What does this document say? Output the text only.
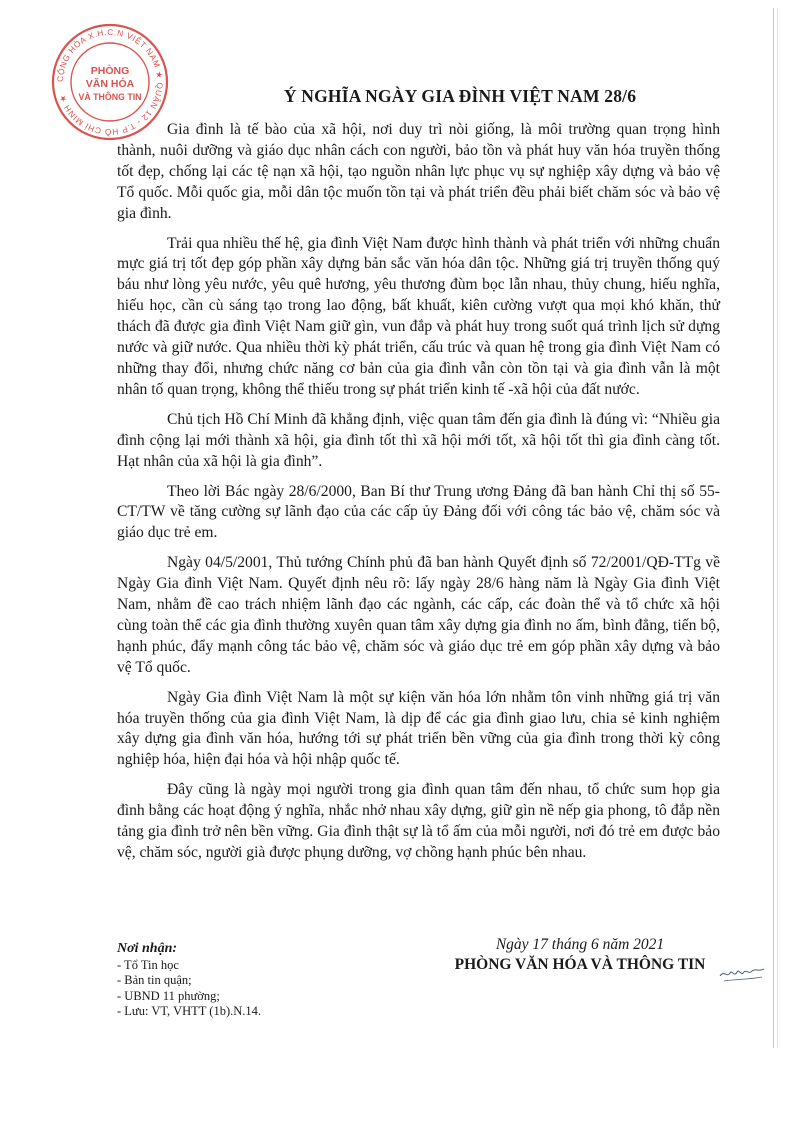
CỘNG HÒA X.H.C.N VIỆT NAM ★ QUẬN 12 - T.P HỒ CHÍ MINH ★
PHÒNG
VĂN HÓA
VÀ THÔNG TIN	Ý NGHĨA NGÀY GIA ĐÌNH VIỆT NAM 28/6

Gia đình là tế bào của xã hội, nơi duy trì nòi giống, là môi trường quan trọng hình thành, nuôi dưỡng và giáo dục nhân cách con người, bảo tồn và phát huy văn hóa truyền thống tốt đẹp, chống lại các tệ nạn xã hội, tạo nguồn nhân lực phục vụ sự nghiệp xây dựng và bảo vệ Tổ quốc. Mỗi quốc gia, mỗi dân tộc muốn tồn tại và phát triển đều phải biết chăm sóc và bảo vệ gia đình.

Trải qua nhiều thế hệ, gia đình Việt Nam được hình thành và phát triển với những chuẩn mực giá trị tốt đẹp góp phần xây dựng bản sắc văn hóa dân tộc. Những giá trị truyền thống quý báu như lòng yêu nước, yêu quê hương, yêu thương đùm bọc lẫn nhau, thủy chung, hiếu nghĩa, hiếu học, cần cù sáng tạo trong lao động, bất khuất, kiên cường vượt qua mọi khó khăn, thử thách đã được gia đình Việt Nam giữ gìn, vun đắp và phát huy trong suốt quá trình lịch sử dựng nước và giữ nước. Qua nhiều thời kỳ phát triển, cấu trúc và quan hệ trong gia đình Việt Nam có những thay đổi, nhưng chức năng cơ bản của gia đình vẫn còn tồn tại và gia đình vẫn là một nhân tố quan trọng, không thể thiếu trong sự phát triển kinh tế -xã hội của đất nước.

Chủ tịch Hồ Chí Minh đã khẳng định, việc quan tâm đến gia đình là đúng vì: “Nhiều gia đình cộng lại mới thành xã hội, gia đình tốt thì xã hội mới tốt, xã hội tốt thì gia đình càng tốt. Hạt nhân của xã hội là gia đình”.

Theo lời Bác ngày 28/6/2000, Ban Bí thư Trung ương Đảng đã ban hành Chỉ thị số 55- CT/TW về tăng cường sự lãnh đạo của các cấp ủy Đảng đối với công tác bảo vệ, chăm sóc và giáo dục trẻ em.

Ngày 04/5/2001, Thủ tướng Chính phủ đã ban hành Quyết định số 72/2001/QĐ-TTg về Ngày Gia đình Việt Nam. Quyết định nêu rõ: lấy ngày 28/6 hàng năm là Ngày Gia đình Việt Nam, nhằm đề cao trách nhiệm lãnh đạo các ngành, các cấp, các đoàn thể và tổ chức xã hội cùng toàn thể các gia đình thường xuyên quan tâm xây dựng gia đình no ấm, bình đẳng, tiến bộ, hạnh phúc, đẩy mạnh công tác bảo vệ, chăm sóc và giáo dục trẻ em góp phần xây dựng và bảo vệ Tổ quốc.

Ngày Gia đình Việt Nam là một sự kiện văn hóa lớn nhằm tôn vinh những giá trị văn hóa truyền thống của gia đình Việt Nam, là dịp để các gia đình giao lưu, chia sẻ kinh nghiệm xây dựng gia đình văn hóa, hướng tới sự phát triển bền vững của gia đình trong thời kỳ công nghiệp hóa, hiện đại hóa và hội nhập quốc tế.

Đây cũng là ngày mọi người trong gia đình quan tâm đến nhau, tổ chức sum họp gia đình bằng các hoạt động ý nghĩa, nhắc nhở nhau xây dựng, giữ gìn nề nếp gia phong, tô đắp nền tảng gia đình trở nên bền vững. Gia đình thật sự là tổ ấm của mỗi người, nơi đó trẻ em được bảo vệ, chăm sóc, người già được phụng dưỡng, vợ chồng hạnh phúc bên nhau.

Nơi nhận:
- Tổ Tin học
- Bản tin quận;
- UBND 11 phường;
- Lưu: VT, VHTT (1b).N.14.
Ngày 17 tháng 6 năm 2021
PHÒNG VĂN HÓA VÀ THÔNG TIN
